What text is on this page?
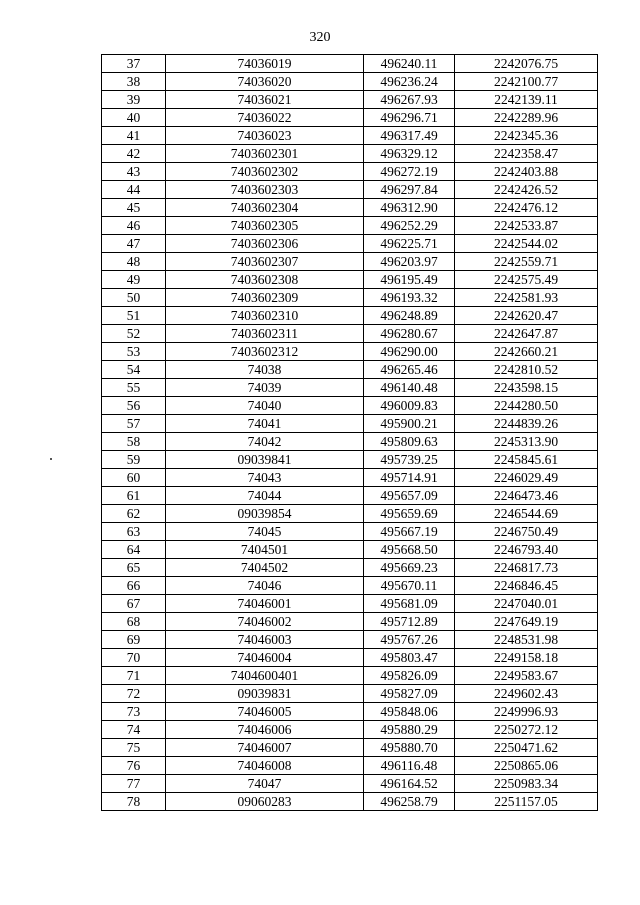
320
37	74036019	496240.11	2242076.75
38	74036020	496236.24	2242100.77
39	74036021	496267.93	2242139.11
40	74036022	496296.71	2242289.96
41	74036023	496317.49	2242345.36
42	7403602301	496329.12	2242358.47
43	7403602302	496272.19	2242403.88
44	7403602303	496297.84	2242426.52
45	7403602304	496312.90	2242476.12
46	7403602305	496252.29	2242533.87
47	7403602306	496225.71	2242544.02
48	7403602307	496203.97	2242559.71
49	7403602308	496195.49	2242575.49
50	7403602309	496193.32	2242581.93
51	7403602310	496248.89	2242620.47
52	7403602311	496280.67	2242647.87
53	7403602312	496290.00	2242660.21
54	74038	496265.46	2242810.52
55	74039	496140.48	2243598.15
56	74040	496009.83	2244280.50
57	74041	495900.21	2244839.26
58	74042	495809.63	2245313.90
59	09039841	495739.25	2245845.61
60	74043	495714.91	2246029.49
61	74044	495657.09	2246473.46
62	09039854	495659.69	2246544.69
63	74045	495667.19	2246750.49
64	7404501	495668.50	2246793.40
65	7404502	495669.23	2246817.73
66	74046	495670.11	2246846.45
67	74046001	495681.09	2247040.01
68	74046002	495712.89	2247649.19
69	74046003	495767.26	2248531.98
70	74046004	495803.47	2249158.18
71	7404600401	495826.09	2249583.67
72	09039831	495827.09	2249602.43
73	74046005	495848.06	2249996.93
74	74046006	495880.29	2250272.12
75	74046007	495880.70	2250471.62
76	74046008	496116.48	2250865.06
77	74047	496164.52	2250983.34
78	09060283	496258.79	2251157.05
